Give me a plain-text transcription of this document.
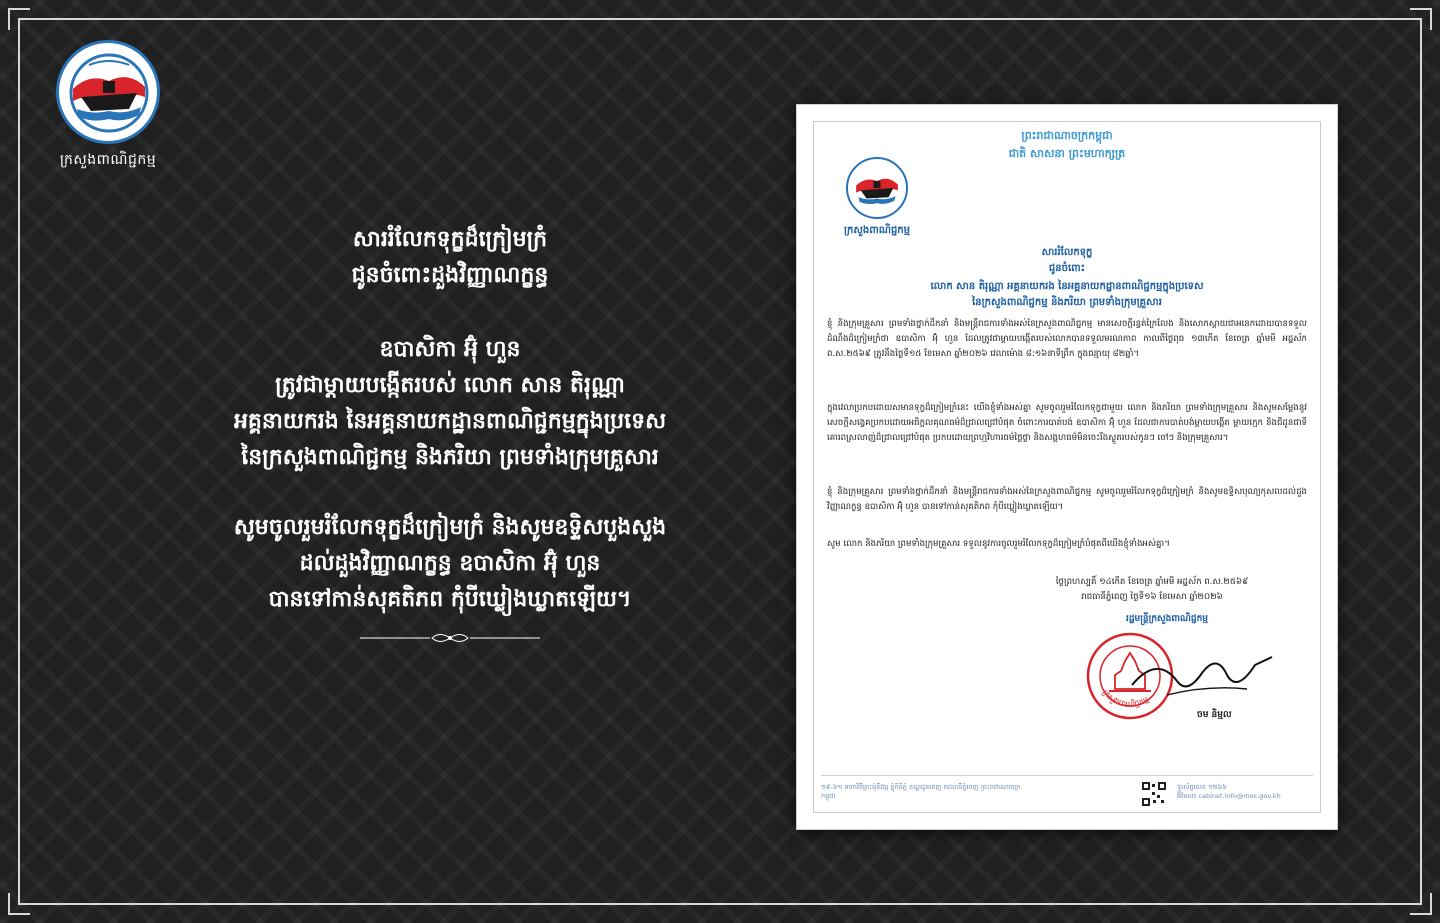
ក្រសួងពាណិជ្ជកម្ម
សាររំលែកទុក្ខដ៏ក្រៀមក្រំ
ជូនចំពោះដួងវិញ្ញាណក្ខន្ធ
ឧបាសិកា អ៊ុំ ហួន
ត្រូវជាម្ដាយបង្កើតរបស់ លោក សាន តិរុណ្ណា
អគ្គនាយករង នៃអគ្គនាយកដ្ឋានពាណិជ្ជកម្មក្នុងប្រទេស
នៃក្រសួងពាណិជ្ជកម្ម និងភរិយា ព្រមទាំងក្រុមគ្រួសារ
សូមចូលរួមរំលែកទុក្ខដ៏ក្រៀមក្រំ និងសូមឧទ្ទិសបួងសួង
ដល់ដួងវិញ្ញាណក្ខន្ធ ឧបាសិកា អ៊ុំ ហួន
បានទៅកាន់សុគតិភព កុំបីឃ្លៀងឃ្លាតឡើយ។
ព្រះរាជាណាចក្រកម្ពុជា
ជាតិ សាសនា ព្រះមហាក្សត្រ
ក្រសួងពាណិជ្ជកម្ម
សាររំលែកទុក្ខ
ជូនចំពោះ
លោក សាន តិរុណ្ណា អគ្គនាយករង នៃអគ្គនាយកដ្ឋានពាណិជ្ជកម្មក្នុងប្រទេស
នៃក្រសួងពាណិជ្ជកម្ម និងភរិយា ព្រមទាំងក្រុមគ្រួសារ
ខ្ញុំ និងក្រុមគ្រួសារ ព្រមទាំងថ្នាក់ដឹកនាំ និងមន្ត្រីរាជការទាំងអស់នៃក្រសួងពាណិជ្ជកម្ម មានសេចក្ដីរន្ធត់ក្រៃលែង និងសោកស្ដាយជាអនេកដោយបានទទួលដំណឹងដ៏ក្រៀមក្រំថា ឧបាសិកា អ៊ុំ ហួន ដែលត្រូវជាម្ដាយបង្កើតរបស់លោកបានទទួលមរណភាព កាលពីថ្ងៃពុធ ១៣កើត ខែចេត្រ ឆ្នាំមមី អដ្ឋស័ក ព.ស.២៥៦៩ ត្រូវនឹងថ្ងៃទី១៥ ខែមេសា ឆ្នាំ២០២៦ វេលាម៉ោង ៨:១៦នាទីព្រឹក ក្នុងជន្មាយុ ៨២ឆ្នាំ។
ក្នុងវេលាប្រកបដោយសមានទុក្ខដ៏ក្រៀមក្រំនេះ យើងខ្ញុំទាំងអស់គ្នា សូមចូលរួមរំលែកទុក្ខជាមួយ លោក និងភរិយា ព្រមទាំងក្រុមគ្រួសារ និងសូមសម្ដែងនូវសេចក្ដីសង្វេគប្រកបដោយអធិក្ដលគុណធម៌ដ៏ជ្រាលជ្រៅបំផុត ចំពោះការបាត់បង់ ឧបាសិកា អ៊ុំ ហួន ដែលជាការបាត់បង់ម្ដាយបង្កើត ម្ដាយក្មេក និងជីដូនជាទីគោរពស្រលាញ់ដ៏ជ្រាលជ្រៅបំផុត ប្រកបដោយព្រហ្មវិហារធម៌ថ្លៃថ្លា និងសង្គហធម៌មិនចេះរីងស្ងួតរបស់កូនៗ ចៅៗ និងក្រុមគ្រួសារ។
ខ្ញុំ និងក្រុមគ្រួសារ ព្រមទាំងថ្នាក់ដឹកនាំ និងមន្ត្រីរាជការទាំងអស់នៃក្រសួងពាណិជ្ជកម្ម សូមចូលរួមរំលែកទុក្ខដ៏ក្រៀមក្រំ និងសូមឧទ្ទិសបុណ្យកុសលដល់ដួងវិញ្ញាណក្ខន្ធ ឧបាសិកា អ៊ុំ ហួន បានទៅកាន់សុគតិភព កុំបីឃ្លៀងឃ្លាតឡើយ។
សូម លោក និងភរិយា ព្រមទាំងក្រុមគ្រួសារ ទទួលនូវការចូលរួមរំលែកទុក្ខដ៏ក្រៀមក្រំបំផុតពីយើងខ្ញុំទាំងអស់គ្នា។
ថ្ងៃព្រហស្បតិ៍ ១៤កើត ខែចេត្រ ឆ្នាំមមី អដ្ឋស័ក ព.ស.២៥៦៩
រាជធានីភ្នំពេញ ថ្ងៃទី១៦ ខែមេសា ឆ្នាំ២០២៦
រដ្ឋមន្ត្រីក្រសួងពាណិជ្ជកម្ម
ក្រសួងពាណិជ្ជកម្ម
ចម និម្មល
១៩-៦១ មហាវិថីព្រះម៉ុនីវង្ស ខ្នុំកិតិភ្នំ ខណ្ឌដូនពេញ រាជធានីភ្នំពេញ ព្រះរាជាណាចក្រកម្ពុជា
ទូរស័ព្ទលេខ ១២៦៦
អ៊ីមែល៖ cabinet.info@moc.gov.kh
